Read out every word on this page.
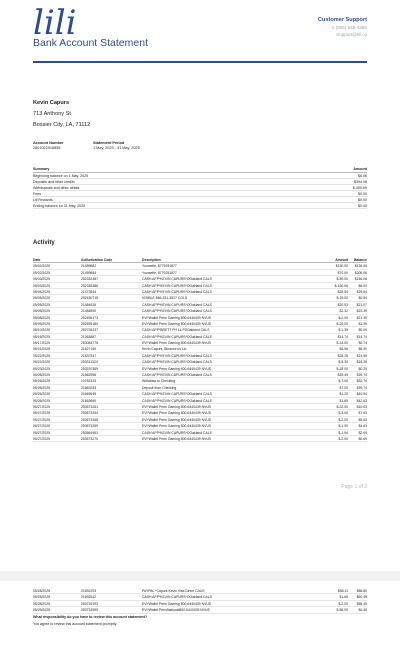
lili
Bank Account Statement
Customer Support
1 (855) 545-4380
Support@lili.co
Kevin Capurs
713 Anthony St
Bossier City, LA, 71112
Account Number
2801022916855
Statement Period
1 May, 2025 - 31 May, 2025
Summary	Amount
Beginning balance on 1 May, 2025	$6.06
Deposits and other credits	$394.08
Withdrawals and other debits	$-400.69
Fees	$0.00
Lili Rewards	$0.00
Ending balance on 31 May, 2025	$0.45
Activity
Date	Authorization Code	Description	Amount Balance
05/02/2025	21459882	Yourselfe, 8779251877	$130.00 $136.06
05/02/2025	21459884	Yourselfe, 8779251877	$70.00 $206.06
05/03/2025	252332487	CASH APP*KEVIN CAPURS*OOakland CALS	$-50.00 $156.06
05/03/2025	252335386	CASH APP*KEVIN CAPURS*OOakland CALS	$-150.06	$6.00
05/04/2025	21472844	CASH APP*KEVIN CAPURS*OOakland CALS	$25.54	$25.54
05/05/2025	252430715	VISIBLE 866-331-3527 COLS	$-25.00	$0.54
05/05/2025	21484526	CASH APP*KEVIN CAPURS*OOakland CALS	$20.53	$21.07
05/05/2025	21484890	CASH APP*KEVIN CAPURS*OOakland CALS	$2.32	$23.39
05/08/2025	252495173	EVI*Wallet Penn Gaming 800-6440439 NVUS	$-2.00	$21.39
05/09/2025	252495180	EVI*Wallet Penn Gaming 800-6440439 NVUS	$-20.00	$1.39
05/10/2025	252726237	CASH APP*BRETT PH LL PSOakland CALS	$-1.39	$0.00
05/16/2025	21363887	CASH APP*KEVIN CAPURS*OOakland CALS	$14.74	$14.74
05/17/2025	253084775	EVI*Wallet Penn Gaming 800-6440439 NVUS	$-14.00	$0.74
05/21/2025	21627160	Kevin Capurs, Binance.us Llc	$4.56	$5.30
05/22/2025	21637347	CASH APP*KEVIN CAPURS*OOakland CALS	$18.25	$23.55
05/22/2025	253311324	CASH APP*KEVIN CAPURS*OOakland CALS	$-5.30	$18.25
05/23/2025	253370359	EVI*Wallet Penn Gaming 800-6440439 NVUS	$-18.00	$0.25
05/26/2025	21662958	CASH APP*KEVIN CAPURS*OOakland CALS	$39.49	$39.74
05/26/2025	10762333	Withdraw to Checking	$-7.00	$32.74
05/26/2025	21663253	Deposit from Checking	$7.00	$39.74
05/26/2025	21663645	CASH APP*KEVIN CAPURS*OOakland CALS	$1.20	$40.94
05/26/2025	21663660	CASH APP*KEVIN CAPURS*OOakland CALS	$1.69	$42.63
05/27/2025	253573261	EVI*Wallet Penn Gaming 800-6440439 NVUS	$-32.00	$10.63
05/27/2025	253573264	EVI*Wallet Penn Gaming 800-6440439 NVUS	$-3.00	$7.63
05/27/2025	253573268	EVI*Wallet Penn Gaming 800-6440439 NVUS	$-2.00	$5.63
05/27/2025	253573269	EVI*Wallet Penn Gaming 800-6440439 NVUS	$-1.00	$4.63
05/27/2025	253564953	CASH APP*KEVIN CAPURS*OOakland CALS	$-1.94	$2.69
05/27/2025	253573270	EVI*Wallet Penn Gaming 800-6440439 NVUS	$-2.00	$0.69
Page 1 of 2
05/28/2025	21692293	PAYPAL *Capurs Kevin Visa Direct CAUS	$58.11	$58.80
05/28/2025	21692542	CASH APP*KEVIN CAPURS*OOakland CALS	$1.65	$60.45
05/28/2025	253726193	EVI*Wallet Penn Gaming 800-6440439 NVUS	$-2.00	$58.45
05/29/2025	253733995	EVI*Wallet PennNational800-6440439 NVUS	$-58.00	$0.45
What responsibility do you have to review this account statement?
You agree to review this account statement promptly.
